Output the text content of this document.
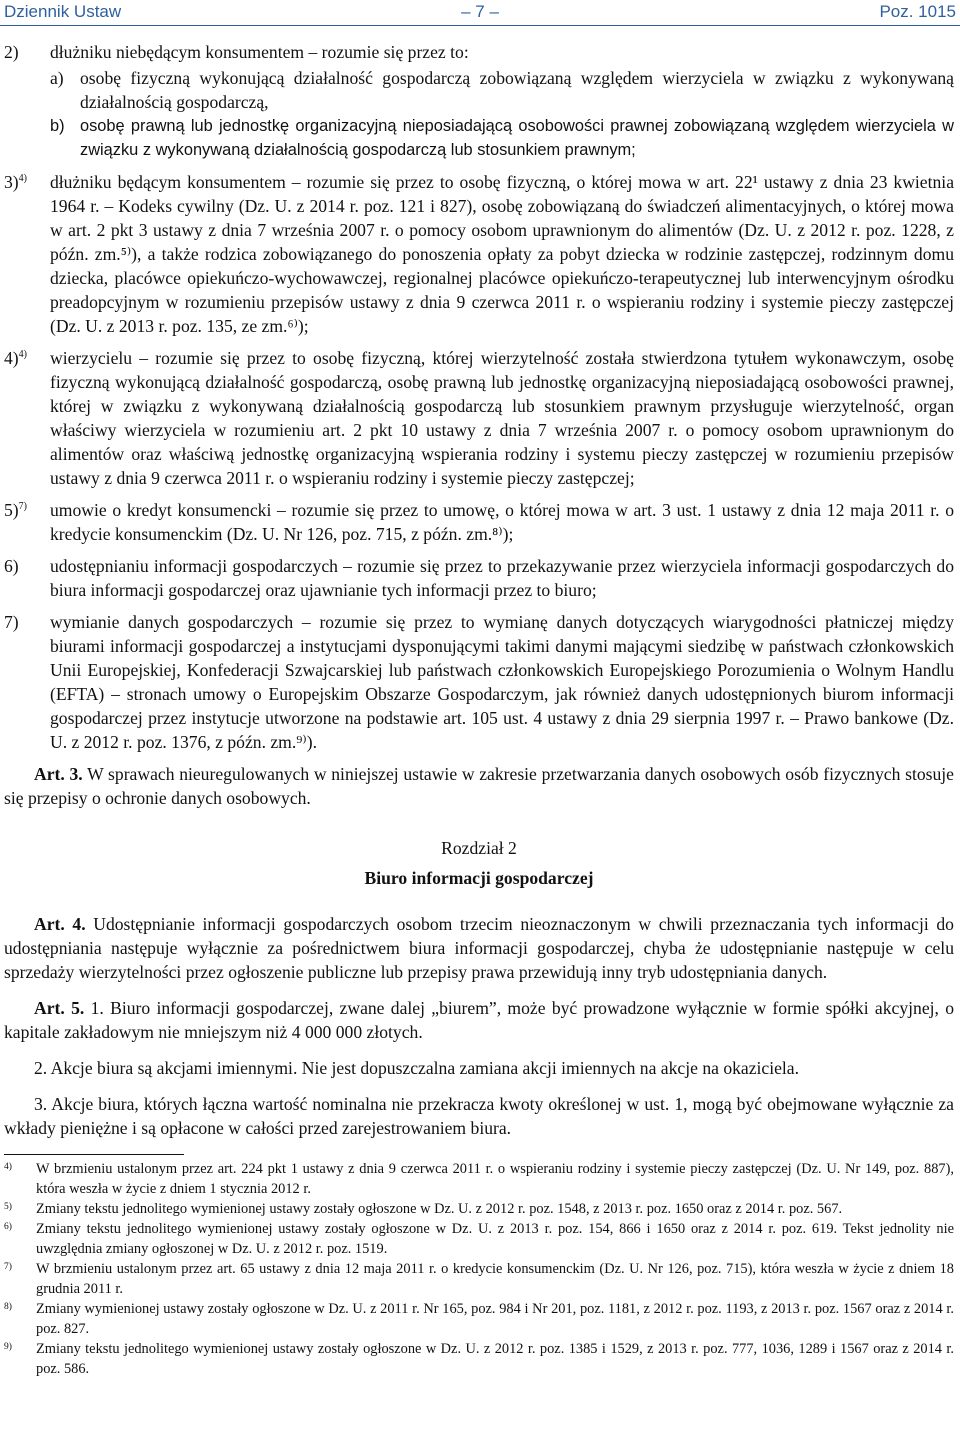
Dziennik Ustaw	– 7 –	Poz. 1015
2) dłużniku niebędącym konsumentem – rozumie się przez to:
a) osobę fizyczną wykonującą działalność gospodarczą zobowiązaną względem wierzyciela w związku z wykonywaną działalnością gospodarczą,
b) osobę prawną lub jednostkę organizacyjną nieposiadającą osobowości prawnej zobowiązaną względem wierzyciela w związku z wykonywaną działalnością gospodarczą lub stosunkiem prawnym;
3)$^{4)}$ dłużniku będącym konsumentem – rozumie się przez to osobę fizyczną, o której mowa w art. 22¹ ustawy z dnia 23 kwietnia 1964 r. – Kodeks cywilny (Dz. U. z 2014 r. poz. 121 i 827), osobę zobowiązaną do świadczeń alimentacyjnych, o której mowa w art. 2 pkt 3 ustawy z dnia 7 września 2007 r. o pomocy osobom uprawnionym do alimentów (Dz. U. z 2012 r. poz. 1228, z późn. zm.⁵⁾), a także rodzica zobowiązanego do ponoszenia opłaty za pobyt dziecka w rodzinie zastępczej, rodzinnym domu dziecka, placówce opiekuńczo-wychowawczej, regionalnej placówce opiekuńczo-terapeutycznej lub interwencyjnym ośrodku preadopcyjnym w rozumieniu przepisów ustawy z dnia 9 czerwca 2011 r. o wspieraniu rodziny i systemie pieczy zastępczej (Dz. U. z 2013 r. poz. 135, ze zm.⁶⁾);
4)$^{4)}$ wierzycielu – rozumie się przez to osobę fizyczną, której wierzytelność została stwierdzona tytułem wykonawczym, osobę fizyczną wykonującą działalność gospodarczą, osobę prawną lub jednostkę organizacyjną nieposiadającą osobowości prawnej, której w związku z wykonywaną działalnością gospodarczą lub stosunkiem prawnym przysługuje wierzytelność, organ właściwy wierzyciela w rozumieniu art. 2 pkt 10 ustawy z dnia 7 września 2007 r. o pomocy osobom uprawnionym do alimentów oraz właściwą jednostkę organizacyjną wspierania rodziny i systemu pieczy zastępczej w rozumieniu przepisów ustawy z dnia 9 czerwca 2011 r. o wspieraniu rodziny i systemie pieczy zastępczej;
5)$^{7)}$ umowie o kredyt konsumencki – rozumie się przez to umowę, o której mowa w art. 3 ust. 1 ustawy z dnia 12 maja 2011 r. o kredycie konsumenckim (Dz. U. Nr 126, poz. 715, z późn. zm.⁸⁾);
6) udostępnianiu informacji gospodarczych – rozumie się przez to przekazywanie przez wierzyciela informacji gospodarczych do biura informacji gospodarczej oraz ujawnianie tych informacji przez to biuro;
7) wymianie danych gospodarczych – rozumie się przez to wymianę danych dotyczących wiarygodności płatniczej między biurami informacji gospodarczej a instytucjami dysponującymi takimi danymi mającymi siedzibę w państwach członkowskich Unii Europejskiej, Konfederacji Szwajcarskiej lub państwach członkowskich Europejskiego Porozumienia o Wolnym Handlu (EFTA) – stronach umowy o Europejskim Obszarze Gospodarczym, jak również danych udostępnionych biurom informacji gospodarczej przez instytucje utworzone na podstawie art. 105 ust. 4 ustawy z dnia 29 sierpnia 1997 r. – Prawo bankowe (Dz. U. z 2012 r. poz. 1376, z późn. zm.⁹⁾).

Art. 3. W sprawach nieuregulowanych w niniejszej ustawie w zakresie przetwarzania danych osobowych osób fizycznych stosuje się przepisy o ochronie danych osobowych.

Rozdział 2
Biuro informacji gospodarczej

Art. 4. Udostępnianie informacji gospodarczych osobom trzecim nieoznaczonym w chwili przeznaczania tych informacji do udostępniania następuje wyłącznie za pośrednictwem biura informacji gospodarczej, chyba że udostępnianie następuje w celu sprzedaży wierzytelności przez ogłoszenie publiczne lub przepisy prawa przewidują inny tryb udostępniania danych.

Art. 5. 1. Biuro informacji gospodarczej, zwane dalej „biurem”, może być prowadzone wyłącznie w formie spółki akcyjnej, o kapitale zakładowym nie mniejszym niż 4 000 000 złotych.

2. Akcje biura są akcjami imiennymi. Nie jest dopuszczalna zamiana akcji imiennych na akcje na okaziciela.

3. Akcje biura, których łączna wartość nominalna nie przekracza kwoty określonej w ust. 1, mogą być obejmowane wyłącznie za wkłady pieniężne i są opłacone w całości przed zarejestrowaniem biura.

4) W brzmieniu ustalonym przez art. 224 pkt 1 ustawy z dnia 9 czerwca 2011 r. o wspieraniu rodziny i systemie pieczy zastępczej (Dz. U. Nr 149, poz. 887), która weszła w życie z dniem 1 stycznia 2012 r.
5) Zmiany tekstu jednolitego wymienionej ustawy zostały ogłoszone w Dz. U. z 2012 r. poz. 1548, z 2013 r. poz. 1650 oraz z 2014 r. poz. 567.
6) Zmiany tekstu jednolitego wymienionej ustawy zostały ogłoszone w Dz. U. z 2013 r. poz. 154, 866 i 1650 oraz z 2014 r. poz. 619. Tekst jednolity nie uwzględnia zmiany ogłoszonej w Dz. U. z 2012 r. poz. 1519.
7) W brzmieniu ustalonym przez art. 65 ustawy z dnia 12 maja 2011 r. o kredycie konsumenckim (Dz. U. Nr 126, poz. 715), która weszła w życie z dniem 18 grudnia 2011 r.
8) Zmiany wymienionej ustawy zostały ogłoszone w Dz. U. z 2011 r. Nr 165, poz. 984 i Nr 201, poz. 1181, z 2012 r. poz. 1193, z 2013 r. poz. 1567 oraz z 2014 r. poz. 827.
9) Zmiany tekstu jednolitego wymienionej ustawy zostały ogłoszone w Dz. U. z 2012 r. poz. 1385 i 1529, z 2013 r. poz. 777, 1036, 1289 i 1567 oraz z 2014 r. poz. 586.
